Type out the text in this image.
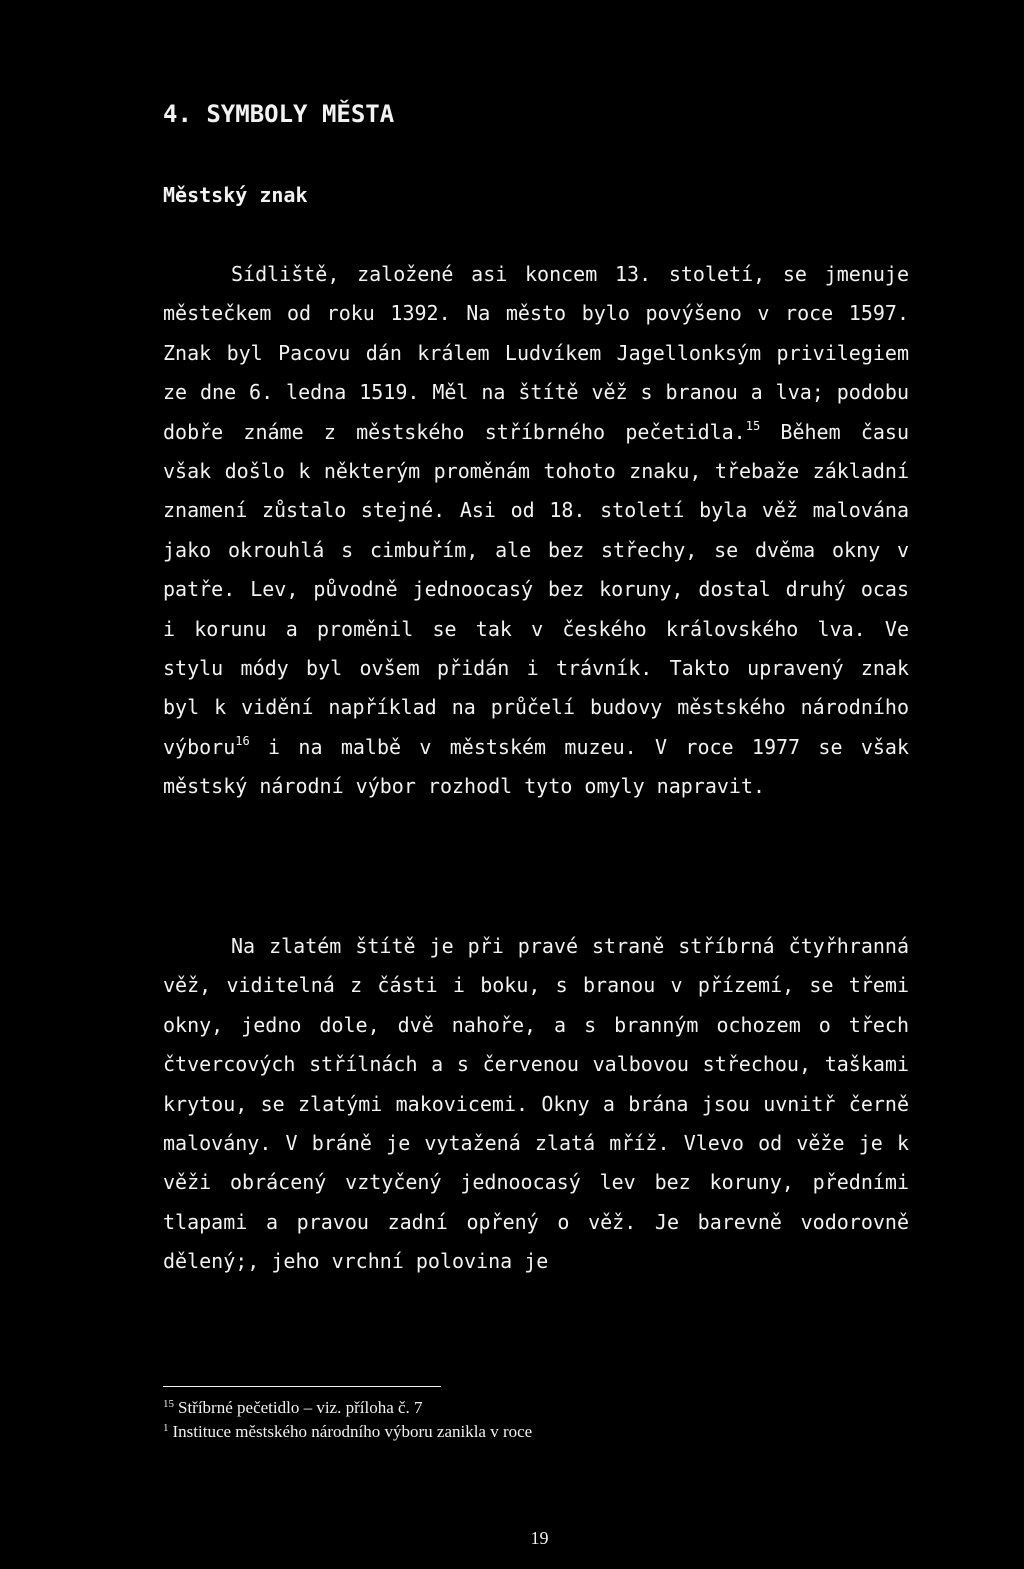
4. SYMBOLY MĚSTA
Městský znak
Sídliště, založené asi koncem 13. století, se jmenuje městečkem od roku 1392. Na město bylo povýšeno v roce 1597. Znak byl Pacovu dán králem Ludvíkem Jagellonksým privilegiem ze dne 6. ledna 1519. Měl na štítě věž s branou a lva; podobu dobře známe z městského stříbrného pečetidla.$^{15}$ Během času však došlo k některým proměnám tohoto znaku, třebaže základní znamení zůstalo stejné. Asi od 18. století byla věž malována jako okrouhlá s cimbuřím, ale bez střechy, se dvěma okny v patře. Lev, původně jednoocasý bez koruny, dostal druhý ocas i korunu a proměnil se tak v českého královského lva. Ve stylu módy byl ovšem přidán i trávník. Takto upravený znak byl k vidění například na průčelí budovy městského národního výboru$^{16}$ i na malbě v městském muzeu. V roce 1977 se však městský národní výbor rozhodl tyto omyly napravit.
Na zlatém štítě je při pravé straně stříbrná čtyřhranná věž, viditelná z části i boku, s branou v přízemí, se třemi okny, jedno dole, dvě nahoře, a s branným ochozem o třech čtvercových střílnách a s červenou valbovou střechou, taškami krytou, se zlatými makovicemi. Okny a brána jsou uvnitř černě malovány. V bráně je vytažená zlatá mříž. Vlevo od věže je k věži obrácený vztyčený jednoocasý lev bez koruny, předními tlapami a pravou zadní opřený o věž. Je barevně vodorovně dělený;, jeho vrchní polovina je
$^{15}$ Stříbrné pečetidlo – viz. příloha č. 7
$^1$ Instituce městského národního výboru zanikla v roce
19
